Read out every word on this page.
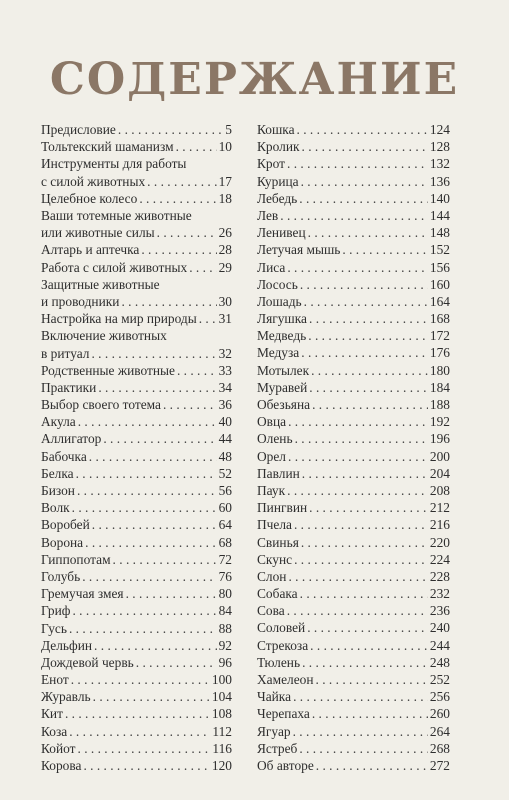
СОДЕРЖАНИЕ
Предисловие . . .	5
Тольтекский шаманизм . . .	10
Инструменты для работы
с силой животных . . .	17
Целебное колесо . . .	18
Ваши тотемные животные
или животные силы . . .	26
Алтарь и аптечка . . .	28
Работа с силой животных . . . 29
Защитные животные
и проводники . . .	30
Настройка на мир природы . . . 31
Включение животных
в ритуал . . .	32
Родственные животные . . .	33
Практики . . .	34
Выбор своего тотема . . .	36
Акула . . .	40
Аллигатор . . .	44
Бабочка . . .	48
Белка . . .	52
Бизон . . .	56
Волк . . .	60
Воробей . . .	64
Ворона . . .	68
Гиппопотам . . .	72
Голубь . . .	76
Гремучая змея . . .	80
Гриф . . .	84
Гусь . . .	88
Дельфин . . .	92
Дождевой червь . . .	96
Енот . . .	100
Журавль . . .	104
Кит . . .	108
Коза . . .	112
Койот . . .	116
Корова . . .	120
Кошка . . .	124
Кролик . . .	128
Крот . . .	132
Курица . . .	136
Лебедь . . .	140
Лев . . .	144
Ленивец . . .	148
Летучая мышь . . .	152
Лиса . . .	156
Лосось . . .	160
Лошадь . . .	164
Лягушка . . .	168
Медведь . . .	172
Медуза . . .	176
Мотылек . . .	180
Муравей . . .	184
Обезьяна . . .	188
Овца . . .	192
Олень . . .	196
Орел . . .	200
Павлин . . .	204
Паук . . .	208
Пингвин . . .	212
Пчела . . .	216
Свинья . . .	220
Скунс . . .	224
Слон . . .	228
Собака . . .	232
Сова . . .	236
Соловей . . .	240
Стрекоза . . .	244
Тюлень . . .	248
Хамелеон . . .	252
Чайка . . .	256
Черепаха . . .	260
Ягуар . . .	264
Ястреб . . .	268
Об авторе . . .	272
